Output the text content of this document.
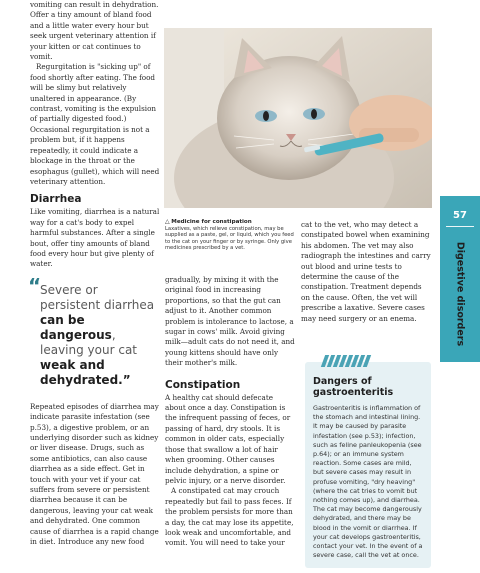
vomiting can result in dehydration. Offer a tiny amount of bland food and a little water every hour but seek urgent veterinary attention if your kitten or cat continues to vomit.

Regurgitation is "sicking up" of food shortly after eating. The food will be slimy but relatively unaltered in appearance. (By contrast, vomiting is the expulsion of partially digested food.) Occasional regurgitation is not a problem but, if it happens repeatedly, it could indicate a blockage in the throat or the esophagus (gullet), which will need veterinary attention.

Diarrhea

Like vomiting, diarrhea is a natural way for a cat's body to expel harmful substances. After a single bout, offer tiny amounts of bland food every hour but give plenty of water.

“
Severe or persistent diarrhea can be dangerous, leaving your cat weak and dehydrated.”

Repeated episodes of diarrhea may indicate parasite infestation (see p.53), a digestive problem, or an underlying disorder such as kidney or liver disease. Drugs, such as some antibiotics, can also cause diarrhea as a side effect. Get in touch with your vet if your cat suffers from severe or persistent diarrhea because it can be dangerous, leaving your cat weak and dehydrated. One common cause of diarrhea is a rapid change in diet. Introduce any new food

△ Medicine for constipation
Laxatives, which relieve constipation, may be supplied as a paste, gel, or liquid, which you feed to the cat on your finger or by syringe. Only give medicines prescribed by a vet.

gradually, by mixing it with the original food in increasing proportions, so that the gut can adjust to it. Another common problem is intolerance to lactose, a sugar in cows' milk. Avoid giving milk—adult cats do not need it, and young kittens should have only their mother's milk.

Constipation

A healthy cat should defecate about once a day. Constipation is the infrequent passing of feces, or passing of hard, dry stools. It is common in older cats, especially those that swallow a lot of hair when grooming. Other causes include dehydration, a spine or pelvic injury, or a nerve disorder.

A constipated cat may crouch repeatedly but fail to pass feces. If the problem persists for more than a day, the cat may lose its appetite, look weak and uncomfortable, and vomit. You will need to take your

cat to the vet, who may detect a constipated bowel when examining his abdomen. The vet may also radiograph the intestines and carry out blood and urine tests to determine the cause of the constipation. Treatment depends on the cause. Often, the vet will prescribe a laxative. Severe cases may need surgery or an enema.

Dangers of gastroenteritis

Gastroenteritis is inflammation of the stomach and intestinal lining. It may be caused by parasite infestation (see p.53); infection, such as feline panleukopenia (see p.64); or an immune system reaction. Some cases are mild, but severe cases may result in profuse vomiting, "dry heaving" (where the cat tries to vomit but nothing comes up), and diarrhea. The cat may become dangerously dehydrated, and there may be blood in the vomit or diarrhea. If your cat develops gastroenteritis, contact your vet. In the event of a severe case, call the vet at once.

57
Digestive disorders
